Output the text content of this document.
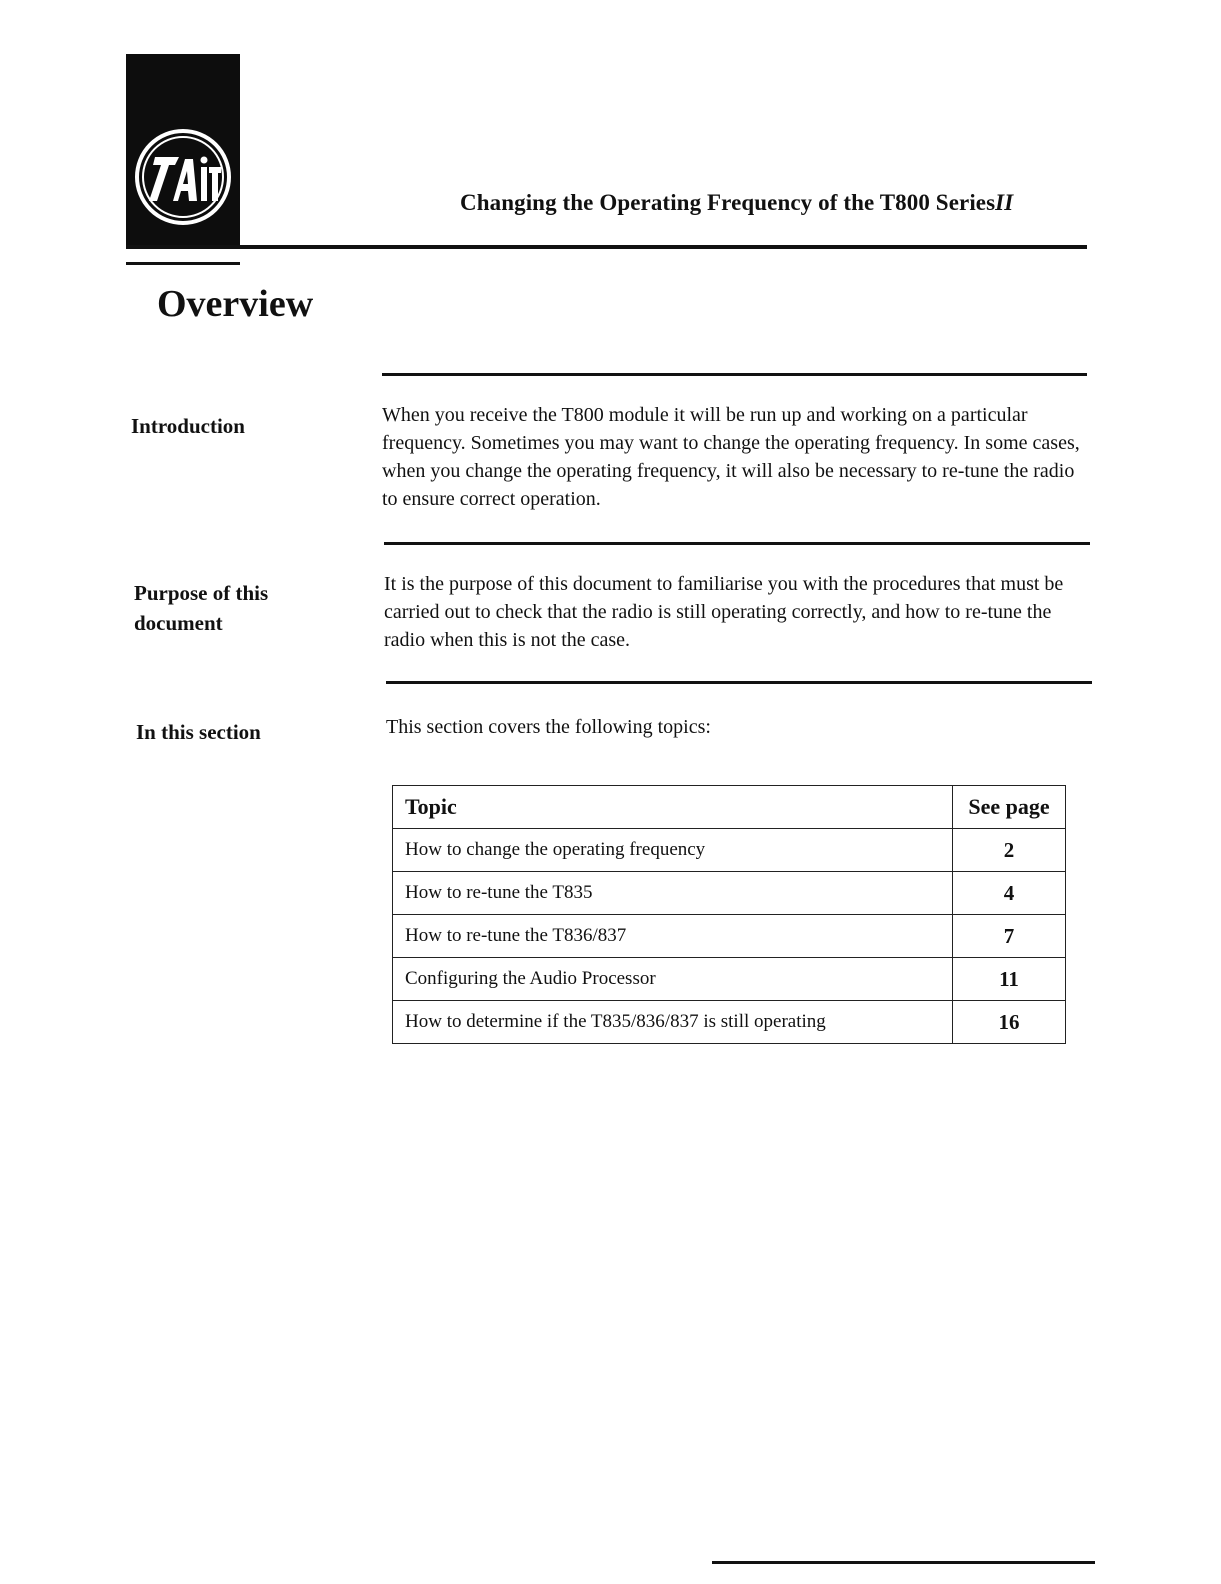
Changing the Operating Frequency of the T800 SeriesII
Overview
Introduction	When you receive the T800 module it will be run up and working on a particular frequency. Sometimes you may want to change the operating frequency. In some cases, when you change the operating frequency, it will also be necessary to re-tune the radio to ensure correct operation.

Purpose of this document

It is the purpose of this document to familiarise you with the procedures that must be carried out to check that the radio is still operating correctly, and how to re-tune the radio when this is not the case.

In this section	This section covers the following topics:

Topic	See page
How to change the operating frequency	2
How to re-tune the T835	4
How to re-tune the T836/837	7
Configuring the Audio Processor	11
How to determine if the T835/836/837 is still operating	16
